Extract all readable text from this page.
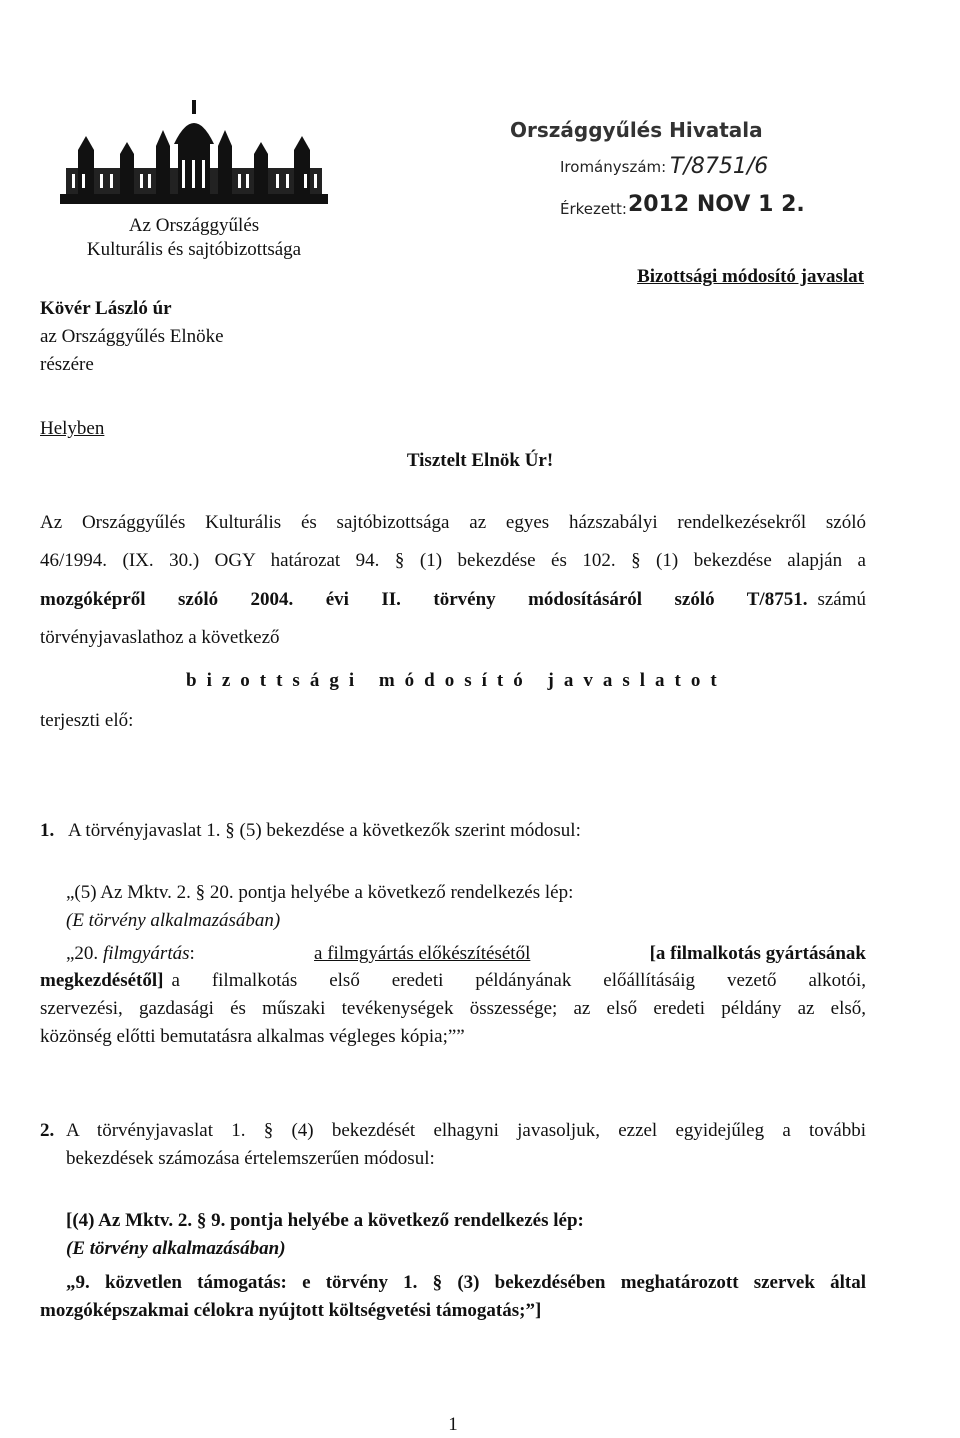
Országgyűlés Hivatala
Irományszám: T/8751/6
Érkezett: 2012 NOV 1 2.
Az Országgyűlés
Kulturális és sajtóbizottsága
Bizottsági módosító javaslat
Kövér László úr
az Országgyűlés Elnöke
részére
Helyben
Tisztelt Elnök Úr!
Az Országgyűlés Kulturális és sajtóbizottsága az egyes házszabályi rendelkezésekről szóló
46/1994. (IX. 30.) OGY határozat 94. § (1) bekezdése és 102. § (1) bekezdése alapján a
mozgóképről szóló 2004. évi II. törvény módosításáról szóló T/8751. számú
törvényjavaslathoz a következő
bizottsági módosító javaslatot
terjeszti elő:
1. A törvényjavaslat 1. § (5) bekezdése a következők szerint módosul:
„(5) Az Mktv. 2. § 20. pontja helyébe a következő rendelkezés lép:
(E törvény alkalmazásában)
„20. filmgyártás:	a filmgyártás előkészítésétől	[a filmalkotás gyártásának
megkezdésétől] a filmalkotás első eredeti példányának előállításáig vezető alkotói,
szervezési, gazdasági és műszaki tevékenységek összessége; az első eredeti példány az első,
közönség előtti bemutatásra alkalmas végleges kópia;””
2. A törvényjavaslat 1. § (4) bekezdését elhagyni javasoljuk, ezzel egyidejűleg a további
bekezdések számozása értelemszerűen módosul:
[(4) Az Mktv. 2. § 9. pontja helyébe a következő rendelkezés lép:
(E törvény alkalmazásában)
„9. közvetlen támogatás: e törvény 1. § (3) bekezdésében meghatározott szervek által
mozgóképszakmai célokra nyújtott költségvetési támogatás;”]
1
